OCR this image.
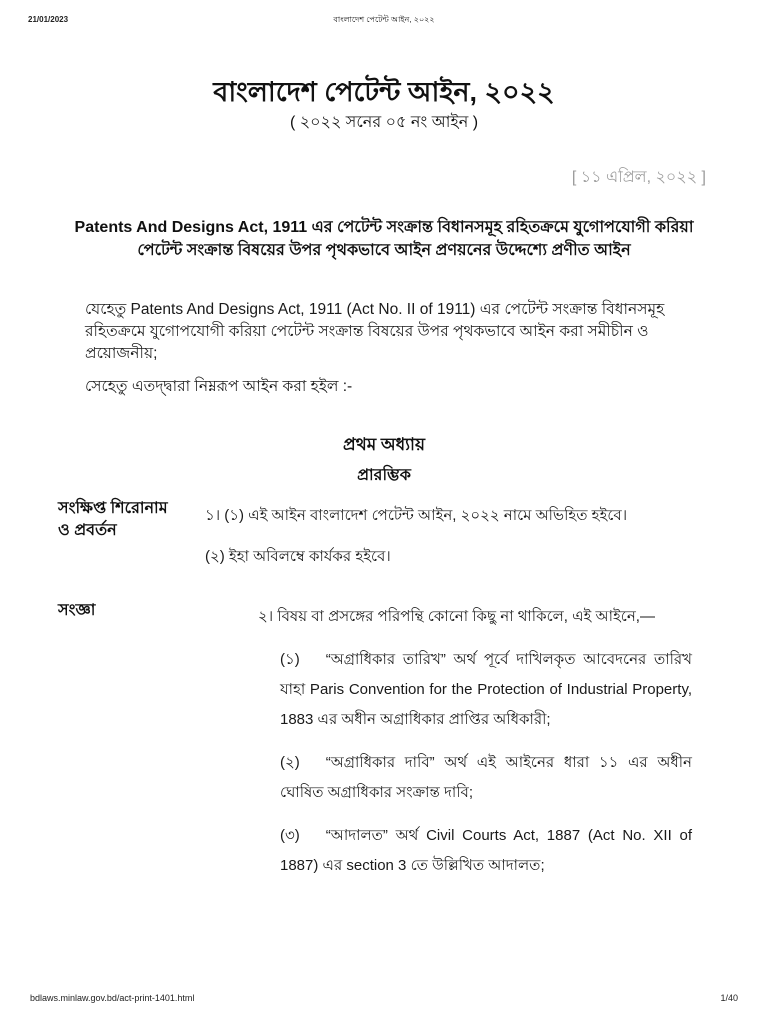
21/01/2023	বাংলাদেশ পেটেন্ট আইন, ২০২২
বাংলাদেশ পেটেন্ট আইন, ২০২২
( ২০২২ সনের ০৫ নং আইন )
[ ১১ এপ্রিল, ২০২২ ]
Patents And Designs Act, 1911 এর পেটেন্ট সংক্রান্ত বিধানসমূহ রহিতক্রমে যুগোপযোগী করিয়া পেটেন্ট সংক্রান্ত বিষয়ের উপর পৃথকভাবে আইন প্রণয়নের উদ্দেশ্যে প্রণীত আইন
যেহেতু Patents And Designs Act, 1911 (Act No. II of 1911) এর পেটেন্ট সংক্রান্ত বিধানসমূহ রহিতক্রমে যুগোপযোগী করিয়া পেটেন্ট সংক্রান্ত বিষয়ের উপর পৃথকভাবে আইন করা সমীচীন ও প্রয়োজনীয়;
সেহেতু এতদ্দ্বারা নিম্নরূপ আইন করা হইল :-
প্রথম অধ্যায়
প্রারম্ভিক
সংক্ষিপ্ত শিরোনাম ও প্রবর্তন
১। (১) এই আইন বাংলাদেশ পেটেন্ট আইন, ২০২২ নামে অভিহিত হইবে।
(২) ইহা অবিলম্বে কার্যকর হইবে।
সংজ্ঞা	২। বিষয় বা প্রসঙ্গের পরিপন্থি কোনো কিছু না থাকিলে, এই আইনে,—
(১) “অগ্রাধিকার তারিখ” অর্থ পূর্বে দাখিলকৃত আবেদনের তারিখ যাহা Paris Convention for the Protection of Industrial Property, 1883 এর অধীন অগ্রাধিকার প্রাপ্তির অধিকারী;
(২) “অগ্রাধিকার দাবি” অর্থ এই আইনের ধারা ১১ এর অধীন ঘোষিত অগ্রাধিকার সংক্রান্ত দাবি;
(৩) “আদালত” অর্থ Civil Courts Act, 1887 (Act No. XII of 1887) এর section 3 তে উল্লিখিত আদালত;
bdlaws.minlaw.gov.bd/act-print-1401.html	1/40
